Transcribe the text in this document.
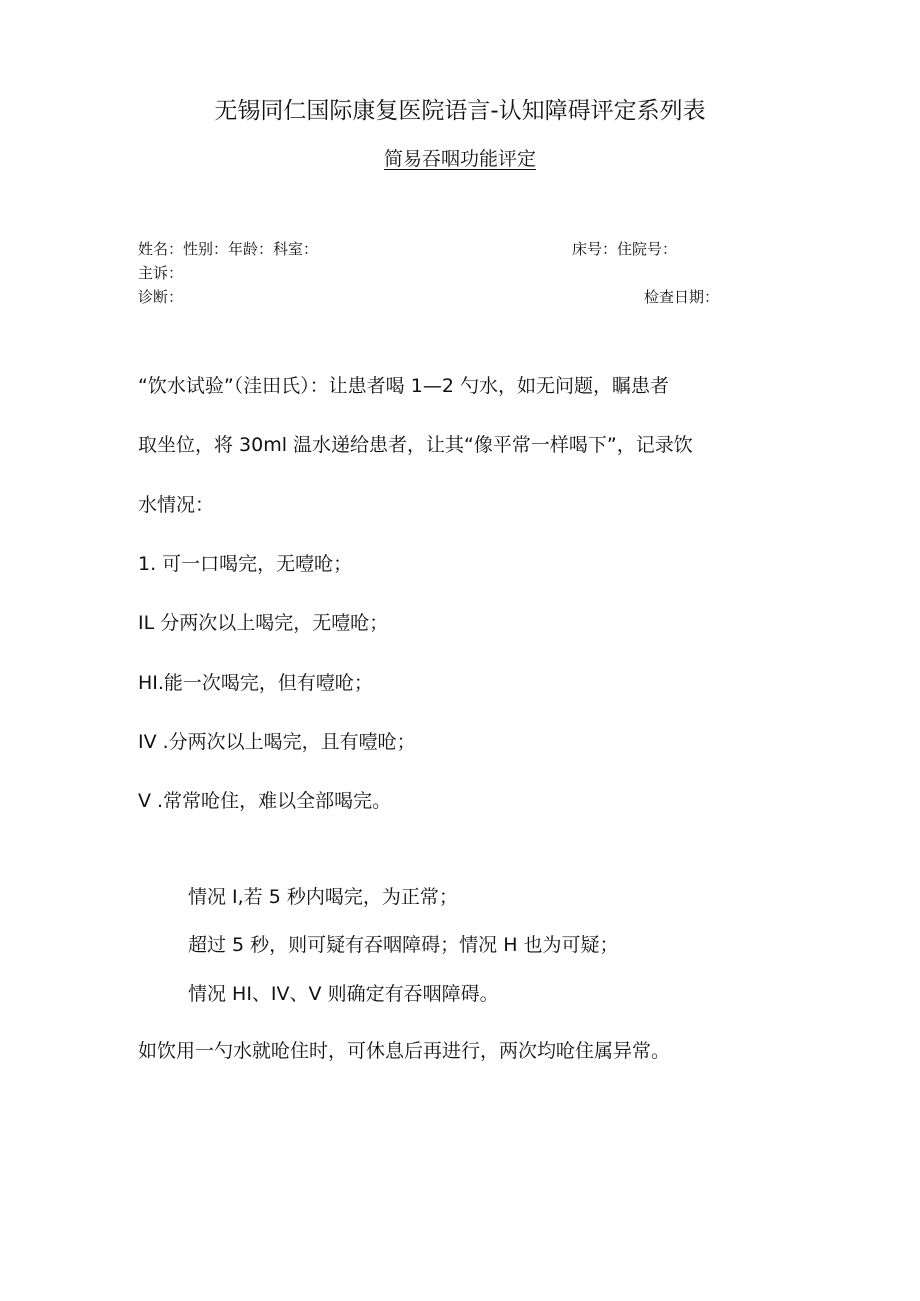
无锡同仁国际康复医院语言-认知障碍评定系列表
简易吞咽功能评定
姓名：性别：年龄：科室：	床号：住院号：
主诉：
诊断：	检查日期：
“饮水试验”（洼田氏）：让患者喝 1—2 勺水，如无问题，瞩患者
取坐位，将 30ml 温水递给患者，让其“像平常一样喝下”，记录饮
水情况：
1. 可一口喝完，无噎呛；
IL 分两次以上喝完，无噎呛；
HI.能一次喝完，但有噎呛；
IV .分两次以上喝完，且有噎呛；
V .常常呛住，难以全部喝完。
情况 I,若 5 秒内喝完，为正常；
超过 5 秒，则可疑有吞咽障碍；情况 H 也为可疑；
情况 HI、IV、V 则确定有吞咽障碍。
如饮用一勺水就呛住时，可休息后再进行，两次均呛住属异常。
